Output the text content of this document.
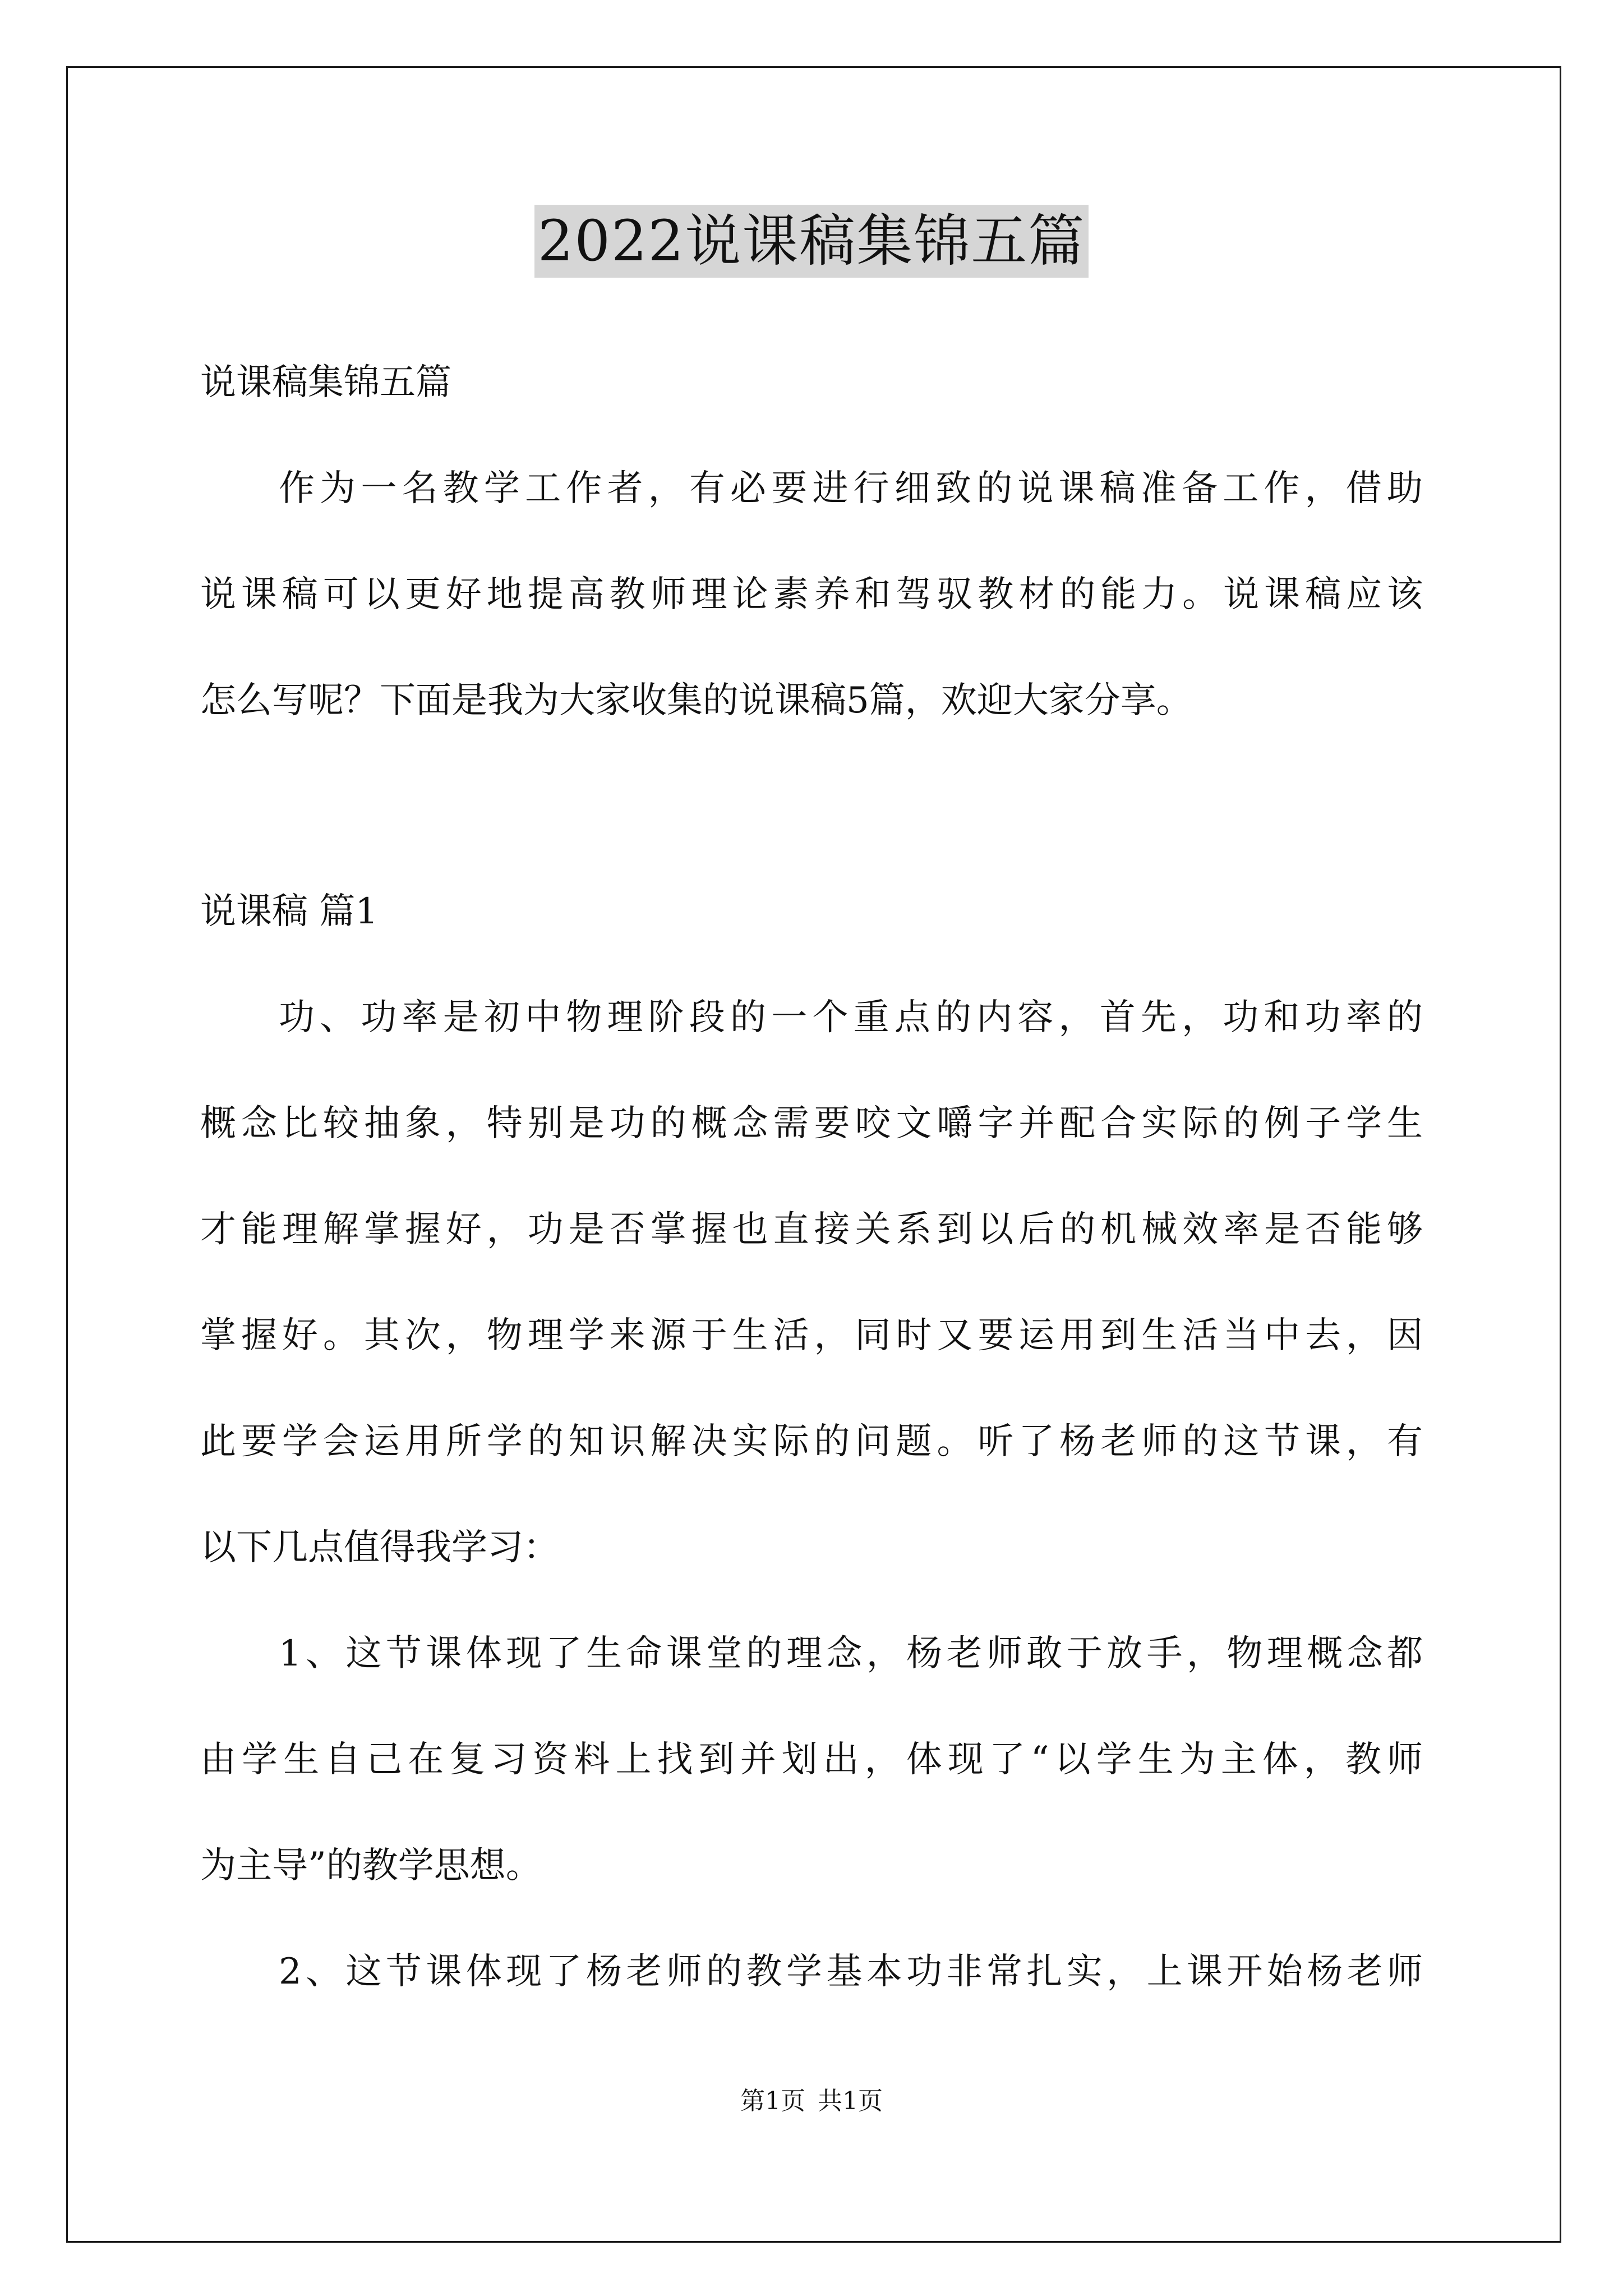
2022说课稿集锦五篇
说课稿集锦五篇
作为一名教学工作者，有必要进行细致的说课稿准备工作，借助
说课稿可以更好地提高教师理论素养和驾驭教材的能力。说课稿应该
怎么写呢？下面是我为大家收集的说课稿5篇，欢迎大家分享。
说课稿 篇1
功、功率是初中物理阶段的一个重点的内容，首先，功和功率的
概念比较抽象，特别是功的概念需要咬文嚼字并配合实际的例子学生
才能理解掌握好，功是否掌握也直接关系到以后的机械效率是否能够
掌握好。其次，物理学来源于生活，同时又要运用到生活当中去，因
此要学会运用所学的知识解决实际的问题。听了杨老师的这节课，有
以下几点值得我学习：
1、这节课体现了生命课堂的理念，杨老师敢于放手，物理概念都
由学生自己在复习资料上找到并划出，体现了“以学生为主体，教师
为主导”的教学思想。
2、这节课体现了杨老师的教学基本功非常扎实，上课开始杨老师
第1页 共1页
